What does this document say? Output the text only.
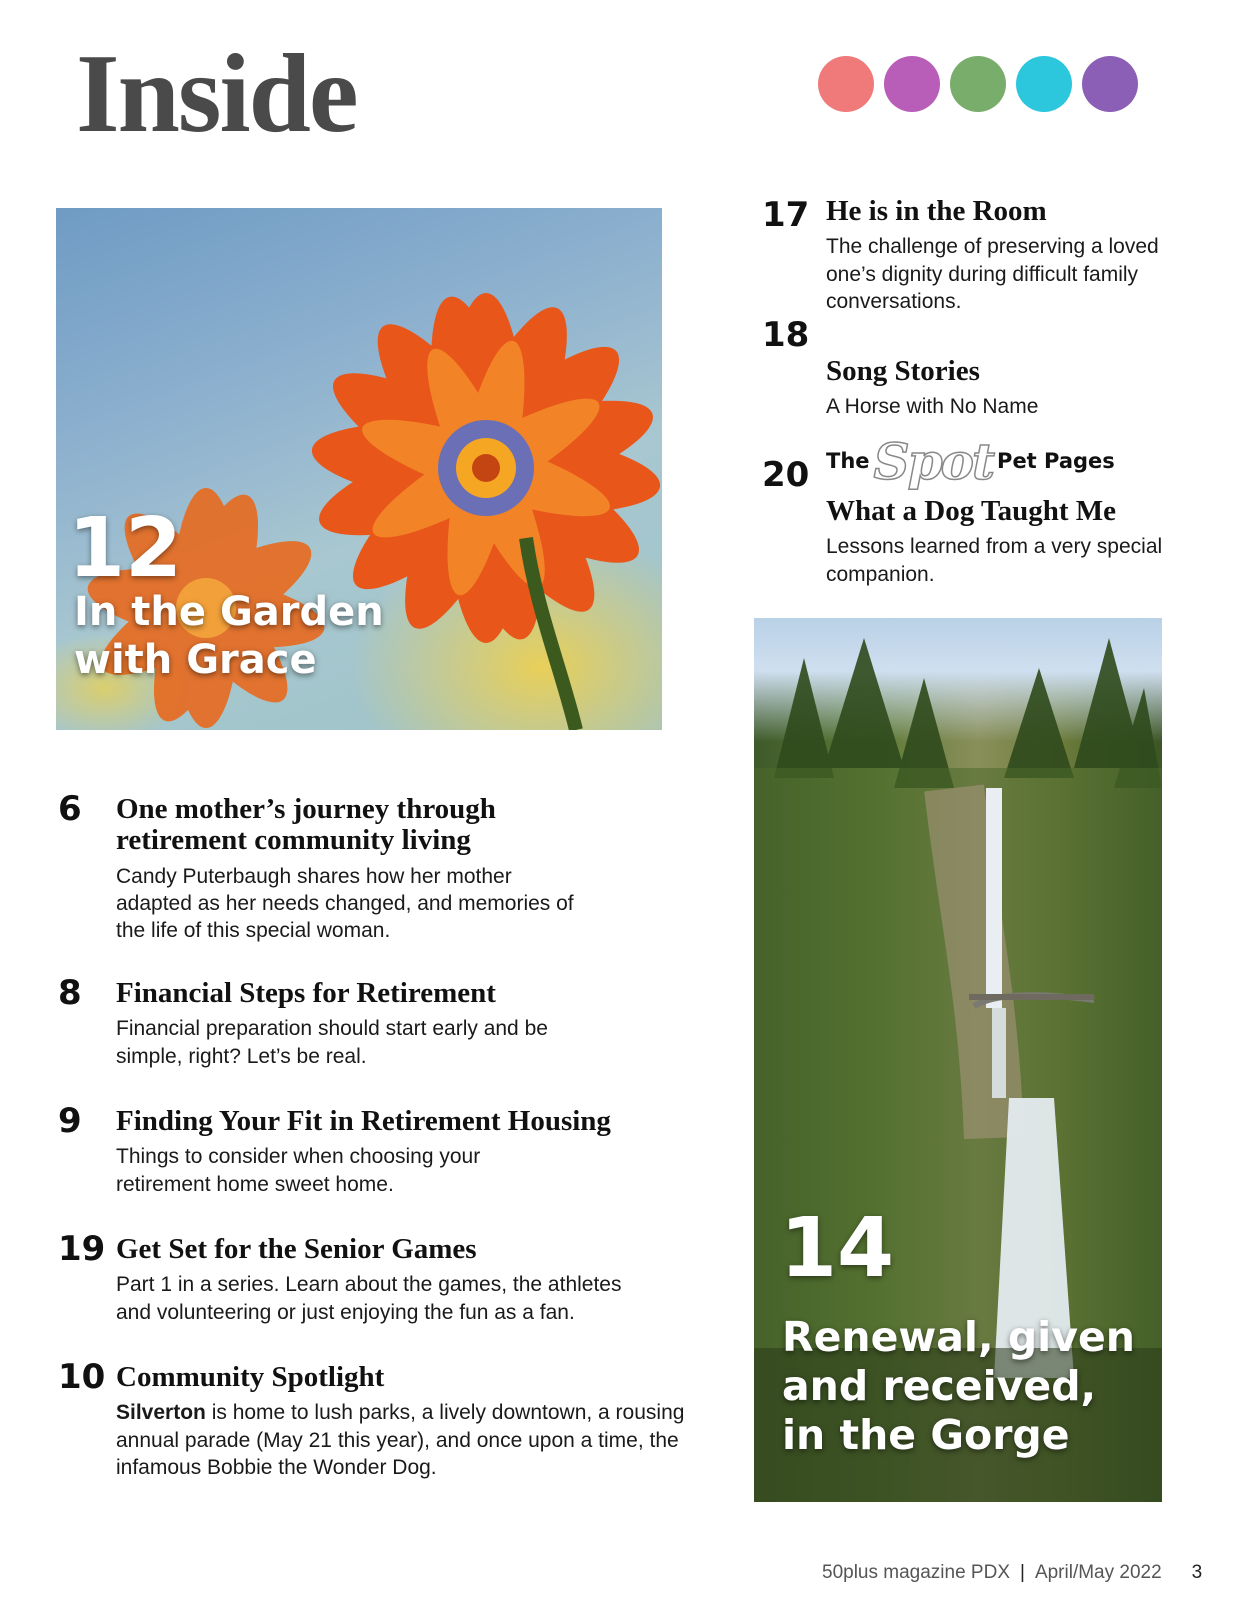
Inside
12
In the Garden
with Grace
17 He is in the Room
The challenge of preserving a loved one’s dignity during difficult family conversations.
18
Song Stories
A Horse with No Name
The Spot Pet Pages
20
What a Dog Taught Me
Lessons learned from a very special companion.
14
Renewal, given
and received,
in the Gorge
6 One mother’s journey through
retirement community living
Candy Puterbaugh shares how her mother adapted as her needs changed, and memories of the life of this special woman.
8 Financial Steps for Retirement
Financial preparation should start early and be simple, right? Let’s be real.
9 Finding Your Fit in Retirement Housing
Things to consider when choosing your retirement home sweet home.
19 Get Set for the Senior Games
Part 1 in a series. Learn about the games, the athletes and volunteering or just enjoying the fun as a fan.
10 Community Spotlight
Silverton is home to lush parks, a lively downtown, a rousing annual parade (May 21 this year), and once upon a time, the infamous Bobbie the Wonder Dog.
50plus magazine PDX | April/May 2022 3
